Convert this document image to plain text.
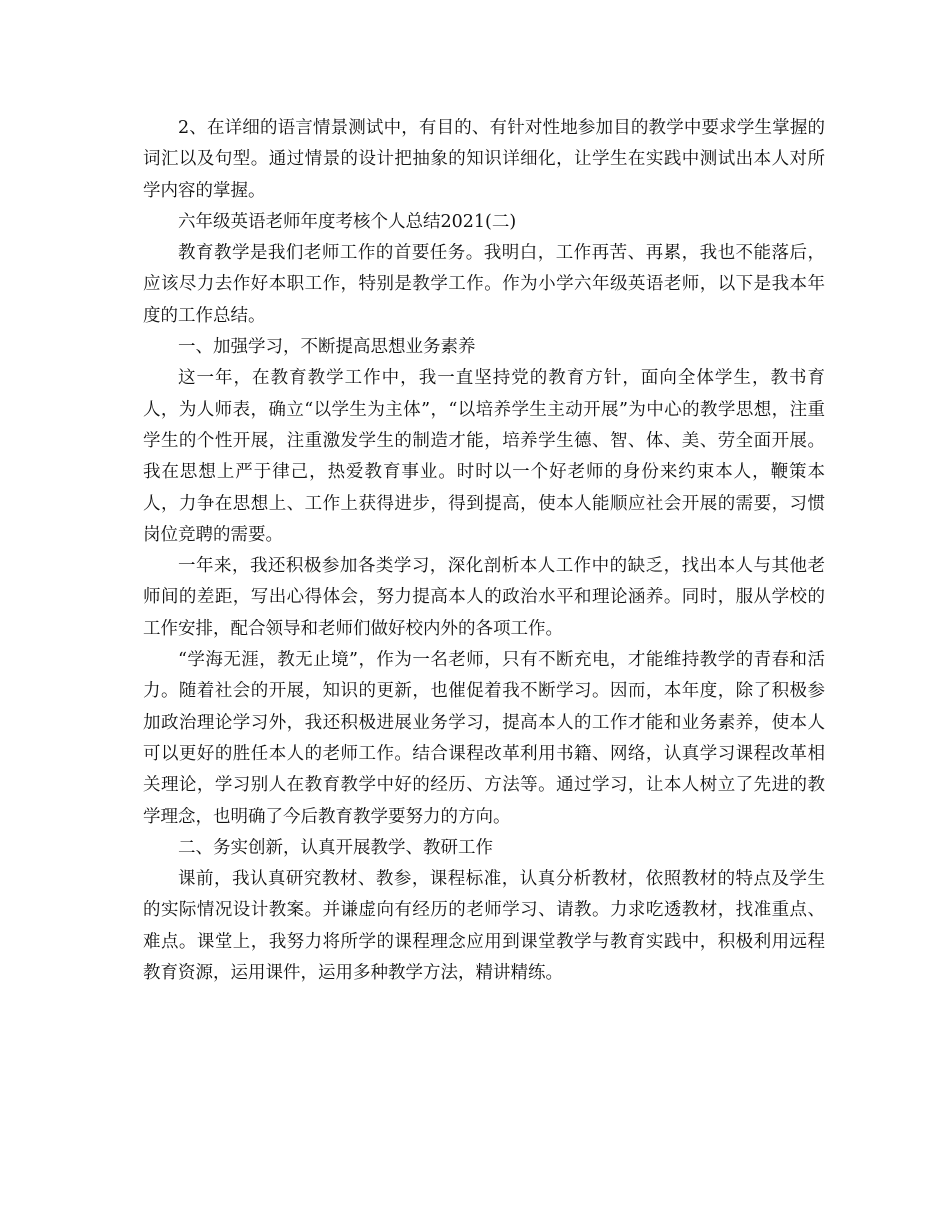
2、在详细的语言情景测试中，有目的、有针对性地参加目的教学中要求学生掌握的词汇以及句型。通过情景的设计把抽象的知识详细化，让学生在实践中测试出本人对所学内容的掌握。

六年级英语老师年度考核个人总结2021(二)

教育教学是我们老师工作的首要任务。我明白，工作再苦、再累，我也不能落后，应该尽力去作好本职工作，特别是教学工作。作为小学六年级英语老师，以下是我本年度的工作总结。

一、加强学习，不断提高思想业务素养

这一年，在教育教学工作中，我一直坚持党的教育方针，面向全体学生，教书育人，为人师表，确立“以学生为主体”，“以培养学生主动开展”为中心的教学思想，注重学生的个性开展，注重激发学生的制造才能，培养学生德、智、体、美、劳全面开展。我在思想上严于律己，热爱教育事业。时时以一个好老师的身份来约束本人，鞭策本人，力争在思想上、工作上获得进步，得到提高，使本人能顺应社会开展的需要，习惯岗位竞聘的需要。

一年来，我还积极参加各类学习，深化剖析本人工作中的缺乏，找出本人与其他老师间的差距，写出心得体会，努力提高本人的政治水平和理论涵养。同时，服从学校的工作安排，配合领导和老师们做好校内外的各项工作。

“学海无涯，教无止境”，作为一名老师，只有不断充电，才能维持教学的青春和活力。随着社会的开展，知识的更新，也催促着我不断学习。因而，本年度，除了积极参加政治理论学习外，我还积极进展业务学习，提高本人的工作才能和业务素养，使本人可以更好的胜任本人的老师工作。结合课程改革利用书籍、网络，认真学习课程改革相关理论，学习别人在教育教学中好的经历、方法等。通过学习，让本人树立了先进的教学理念，也明确了今后教育教学要努力的方向。

二、务实创新，认真开展教学、教研工作

课前，我认真研究教材、教参，课程标准，认真分析教材，依照教材的特点及学生的实际情况设计教案。并谦虚向有经历的老师学习、请教。力求吃透教材，找准重点、难点。课堂上，我努力将所学的课程理念应用到课堂教学与教育实践中，积极利用远程教育资源，运用课件，运用多种教学方法，精讲精练。
